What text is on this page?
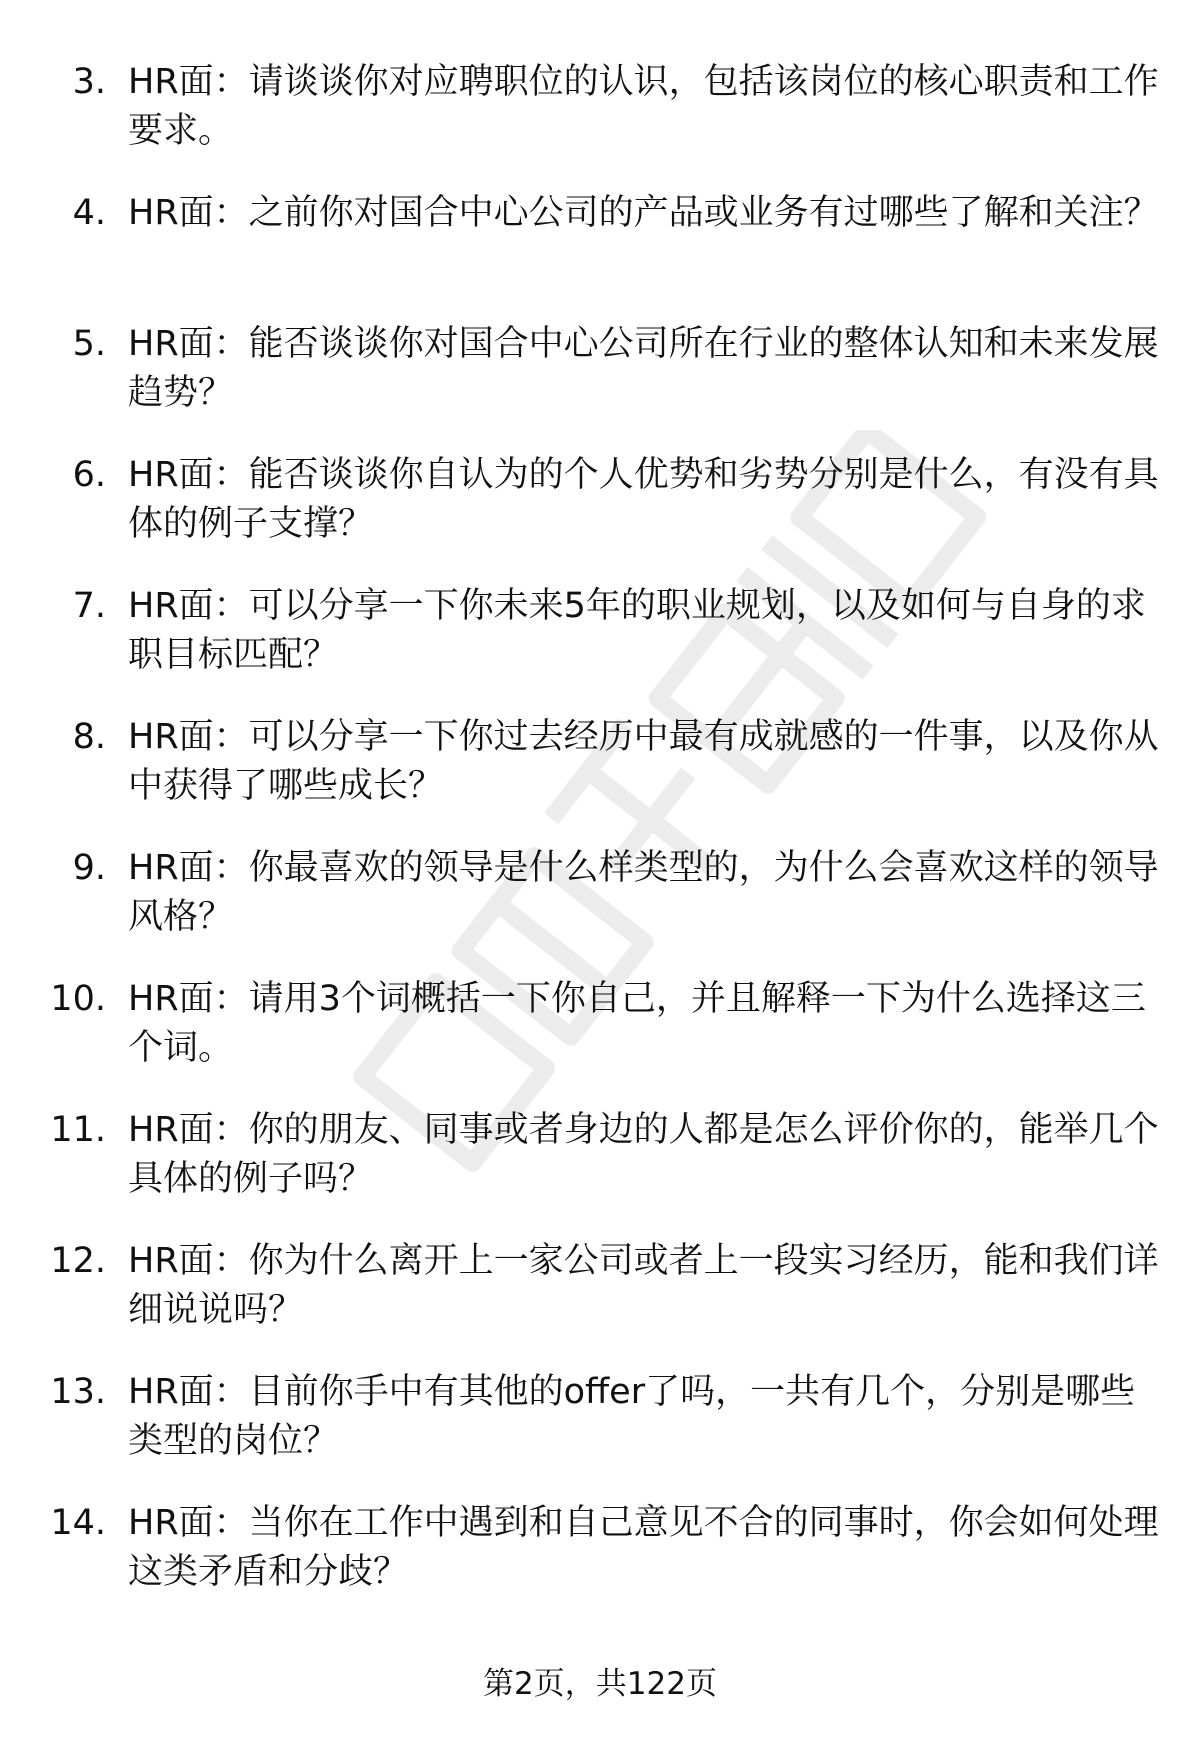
3. HR面：请谈谈你对应聘职位的认识，包括该岗位的核心职责和工作要求。
4. HR面：之前你对国合中心公司的产品或业务有过哪些了解和关注？
5. HR面：能否谈谈你对国合中心公司所在行业的整体认知和未来发展趋势？
6. HR面：能否谈谈你自认为的个人优势和劣势分别是什么，有没有具体的例子支撑？
7. HR面：可以分享一下你未来5年的职业规划，以及如何与自身的求职目标匹配？
8. HR面：可以分享一下你过去经历中最有成就感的一件事，以及你从中获得了哪些成长？
9. HR面：你最喜欢的领导是什么样类型的，为什么会喜欢这样的领导风格？
10. HR面：请用3个词概括一下你自己，并且解释一下为什么选择这三个词。
11. HR面：你的朋友、同事或者身边的人都是怎么评价你的，能举几个具体的例子吗？
12. HR面：你为什么离开上一家公司或者上一段实习经历，能和我们详细说说吗？
13. HR面：目前你手中有其他的offer了吗，一共有几个，分别是哪些类型的岗位？
14. HR面：当你在工作中遇到和自己意见不合的同事时，你会如何处理这类矛盾和分歧？
第2页，共122页
